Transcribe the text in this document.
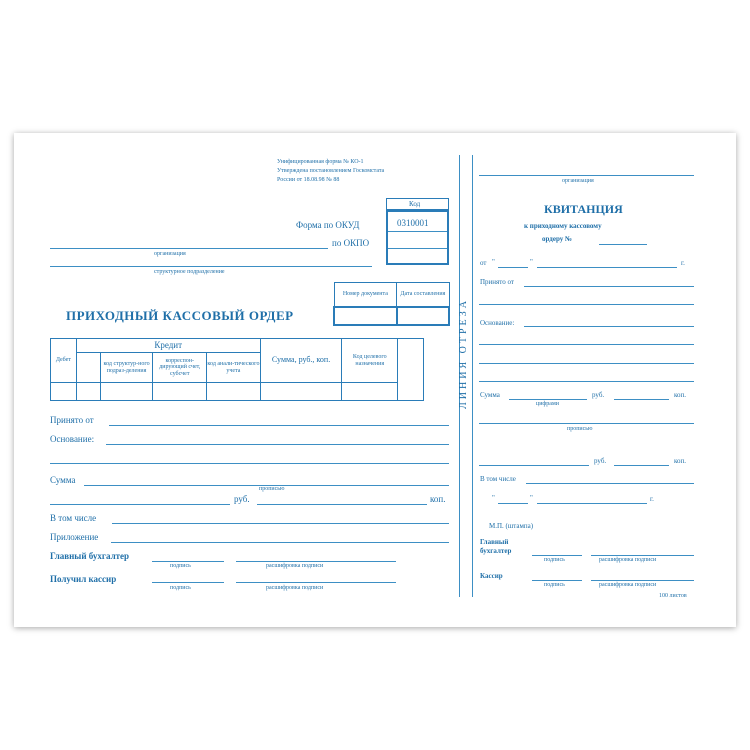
Унифицированная форма № КО-1
Утверждена постановлением Госкомстата
России от 18.08.98 № 88
Код
0310001
Форма по ОКУД
по ОКПО
организация
структурное подразделение
Номер документа	Дата составления

ПРИХОДНЫЙ КАССОВЫЙ ОРДЕР
Дебет	Кредит				Сумма, руб., коп.	Код целевого назначения	
		код структур-ного подраз-деления	корреспон-дирующий счет, субсчет	код анали-тического учета			

Принято от
Основание:
Сумма
прописью
руб.	коп.
В том числе
Приложение
Главный бухгалтер
подпись	расшифровка подписи
Получил кассир
подпись	расшифровка подписи
ЛИНИЯ ОТРЕЗА
организация
КВИТАНЦИЯ
к приходному кассовому
ордеру №
от "	"	г.
Принято от
Основание:
Сумма
цифрами
руб.	коп.
прописью
руб.	коп.
В том числе
"	"	г.
М.П. (штампа)
Главный
бухгалтер
подпись	расшифровка подписи
Кассир
подпись	расшифровка подписи
100 листов
